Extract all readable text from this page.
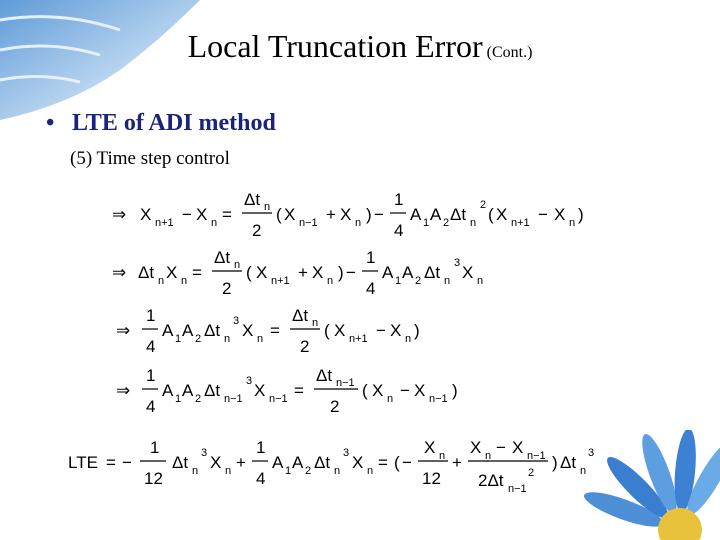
Local Truncation Error (Cont.)
• LTE of ADI method
(5) Time step control
⇒ X n+1 − X n =
Δt n
2
( X n−1 + X n ) −
1
4
A 1 A 2 Δt n
2 ( X n+1 − X n )
⇒ Δt n X n =
Δt n
2
( X n+1 + X n ) −
1
4
A 1 A 2 Δt n
3 X n
⇒
1
4
A 1 A 2 Δt n
3 X n =
Δt n
2
( X n+1 − X n )
⇒
1
4
A 1 A 2 Δt n−1
3 X n−1 =
Δt n−1
2
( X n − X n−1 )
LTE = −
1
12
Δt n
3 X n +
1
4
A 1 A 2 Δt n
3 X n = ( −
X n
12
+
X n − X n−1
2Δt n−1
2
) Δt n
3
